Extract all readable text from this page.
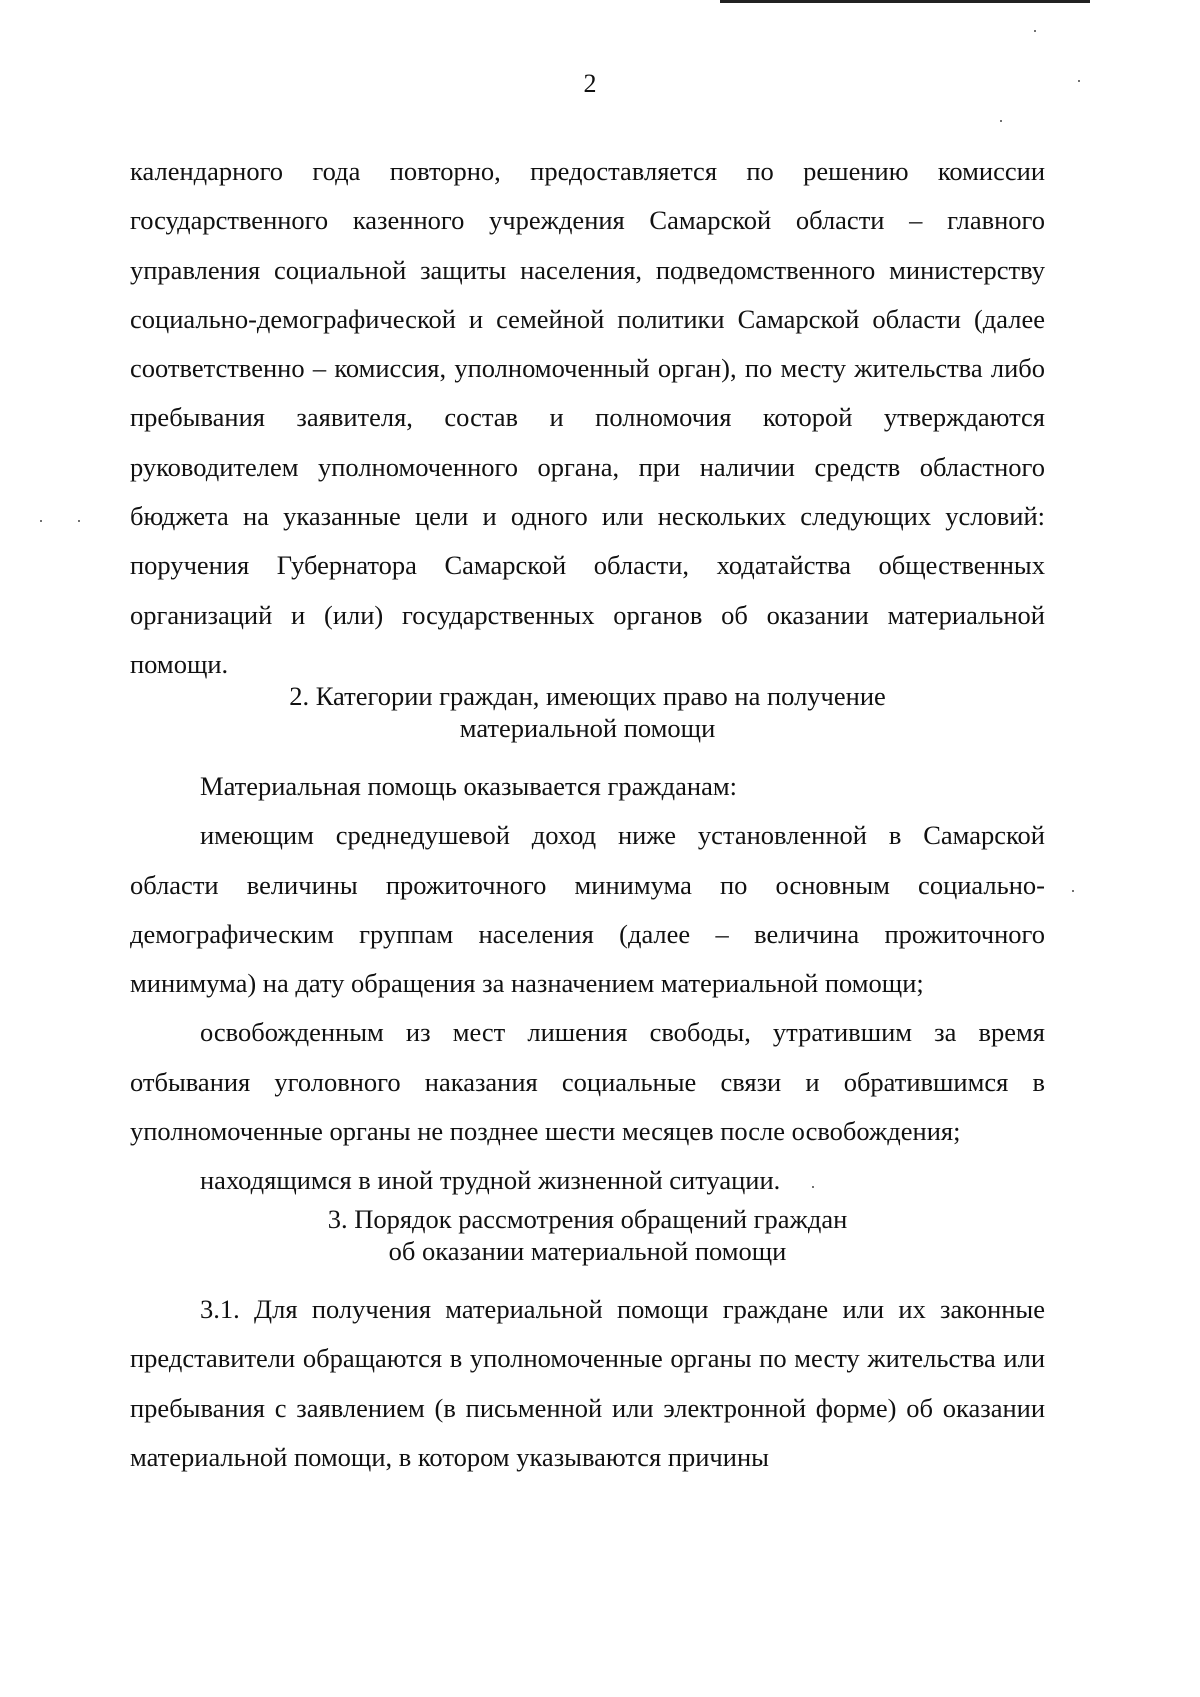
2

календарного года повторно, предоставляется по решению комиссии государственного казенного учреждения Самарской области – главного управления социальной защиты населения, подведомственного министерству социально-демографической и семейной политики Самарской области (далее соответственно – комиссия, уполномоченный орган), по месту жительства либо пребывания заявителя, состав и полномочия которой утверждаются руководителем уполномоченного органа, при наличии средств областного бюджета на указанные цели и одного или нескольких следующих условий: поручения Губернатора Самарской области, ходатайства общественных организаций и (или) государственных органов об оказании материальной помощи.

2. Категории граждан, имеющих право на получение
материальной помощи

Материальная помощь оказывается гражданам:

имеющим среднедушевой доход ниже установленной в Самарской области величины прожиточного минимума по основным социально-демографическим группам населения (далее – величина прожиточного минимума) на дату обращения за назначением материальной помощи;

освобожденным из мест лишения свободы, утратившим за время отбывания уголовного наказания социальные связи и обратившимся в уполномоченные органы не позднее шести месяцев после освобождения;

находящимся в иной трудной жизненной ситуации.

3. Порядок рассмотрения обращений граждан
об оказании материальной помощи

3.1. Для получения материальной помощи граждане или их законные представители обращаются в уполномоченные органы по месту жительства или пребывания с заявлением (в письменной или электронной форме) об оказании материальной помощи, в котором указываются причины
